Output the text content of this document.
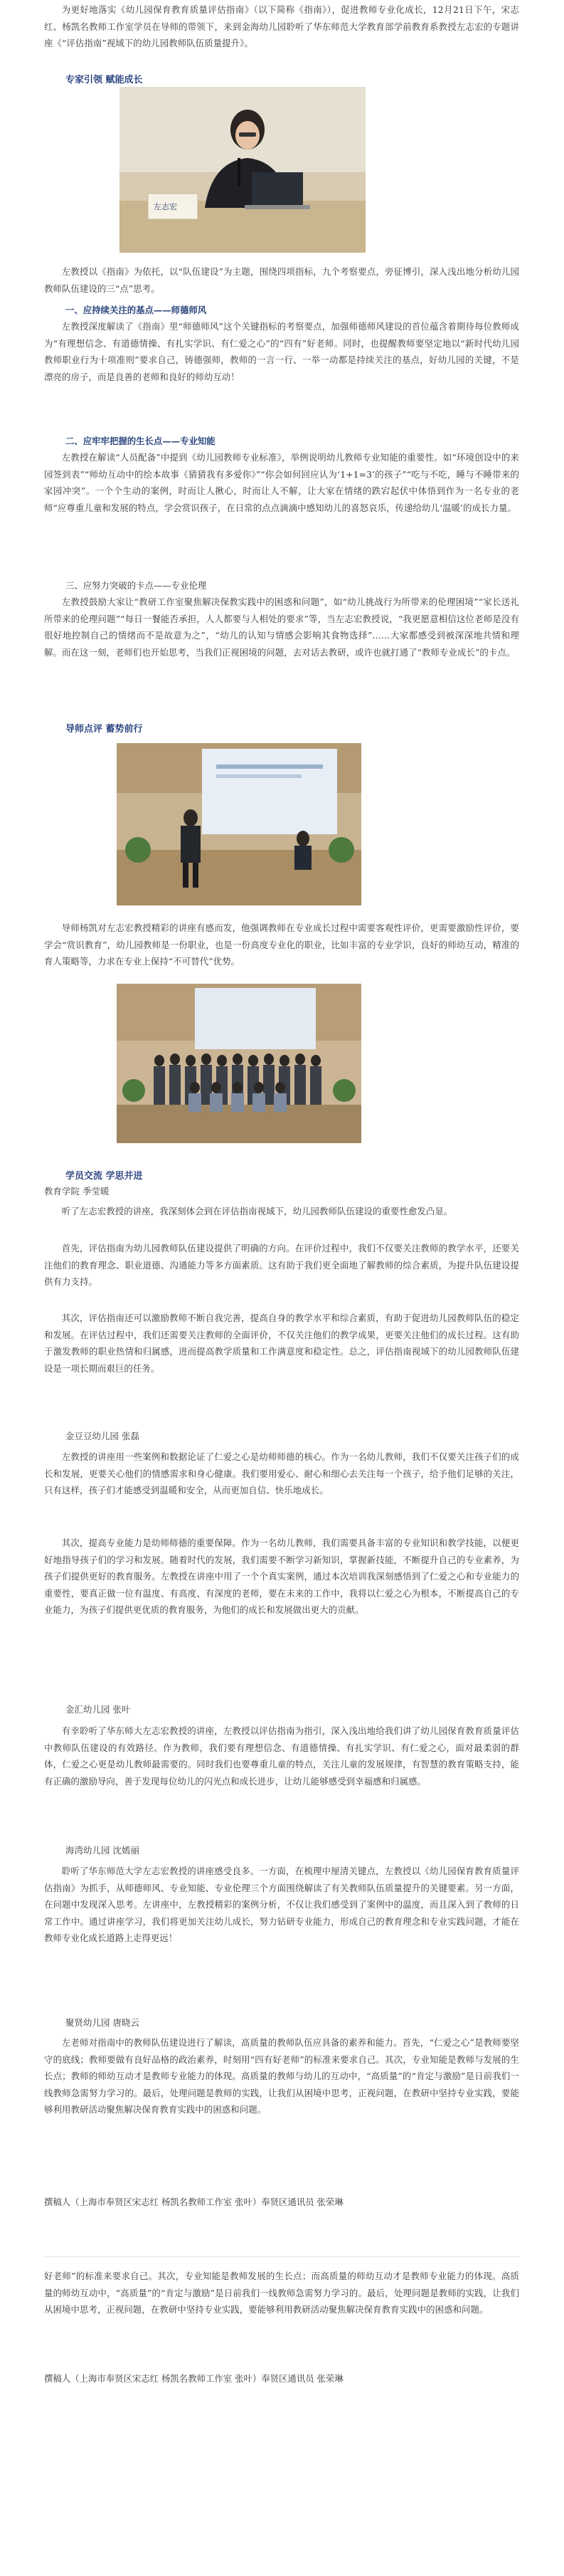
为更好地落实《幼儿园保育教育质量评估指南》（以下简称《指南》），促进教师专业化成长，12月21日下午，宋志红、杨凯名教师工作室学员在导师的带领下，来到金海幼儿园聆听了华东师范大学教育部学前教育系教授左志宏的专题讲座《“评估指南”视域下的幼儿园教师队伍质量提升》。

专家引领 赋能成长

左志宏

左教授以《指南》为依托，以“队伍建设”为主题，围绕四项指标，九个考察要点，旁征博引，深入浅出地分析幼儿园教师队伍建设的三“点”思考。

一、应持续关注的基点——师德师风

左教授深度解读了《指南》里“师德师风”这个关键指标的考察要点，加强师德师风建设的首位蕴含着期待每位教师成为“有理想信念、有道德情操、有扎实学识、有仁爱之心”的“四有”好老师。同时，也提醒教师要坚定地以“新时代幼儿园教师职业行为十项准则”要求自己，铸德强师，教师的一言一行、一举一动都是持续关注的基点，好幼儿园的关键，不是漂亮的房子，而是良善的老师和良好的师幼互动！

二、应牢牢把握的生长点——专业知能

左教授在解读“人员配备”中提到《幼儿园教师专业标准》，举例说明幼儿教师专业知能的重要性。如“环境创设中的来园签到表”“师幼互动中的绘本故事《猜猜我有多爱你》”“你会如何回应认为‘1+1=3’的孩子”“吃与不吃，睡与不睡带来的家园冲突”。一个个生动的案例，时而让人揪心，时而让人不解，让大家在情绪的跌宕起伏中体悟到作为一名专业的老师“应尊重儿童和发展的特点，学会赏识孩子，在日常的点点滴滴中感知幼儿的喜怒哀乐，传递给幼儿‘温暖’的成长力量。

三、应努力突破的卡点——专业伦理

左教授鼓励大家让“教研工作室聚焦解决保教实践中的困惑和问题”，如“幼儿挑战行为所带来的伦理困境”“家长送礼所带来的伦理问题”“每日一餐能否承担，人人都要与人相处的要求”等，当左志宏教授说，“我更愿意相信这位老师是没有很好地控制自己的情绪而不是故意为之”，“幼儿的认知与情感会影响其食物选择”……大家都感受到被深深地共情和理解。而在这一刻，老师们也开始思考，当我们正视困境的问题，去对话去教研，或许也就打通了“教师专业成长”的卡点。

导师点评 蓄势前行

导师杨凯对左志宏教授精彩的讲座有感而发，他强调教师在专业成长过程中需要客观性评价，更需要激励性评价，要学会“赏识教育”，幼儿园教师是一份职业，也是一份高度专业化的职业，比如丰富的专业学识，良好的师幼互动，精准的育人策略等，力求在专业上保持“不可替代”优势。

学员交流 学思并进

教育学院 季莹暖

听了左志宏教授的讲座，我深刻体会到在评估指南视域下，幼儿园教师队伍建设的重要性愈发凸显。

首先，评估指南为幼儿园教师队伍建设提供了明确的方向。在评价过程中，我们不仅要关注教师的教学水平，还要关注他们的教育理念、职业道德、沟通能力等多方面素质。这有助于我们更全面地了解教师的综合素质，为提升队伍建设提供有力支持。

其次，评估指南还可以激励教师不断自我完善，提高自身的教学水平和综合素质，有助于促进幼儿园教师队伍的稳定和发展。在评估过程中，我们还需要关注教师的全面评价，不仅关注他们的教学成果，更要关注他们的成长过程。这有助于激发教师的职业热情和归属感，进而提高教学质量和工作满意度和稳定性。总之，评估指南视域下的幼儿园教师队伍建设是一项长期而艰巨的任务。

金豆豆幼儿园 张磊

左教授的讲座用一些案例和数据论证了仁爱之心是幼师师德的核心。作为一名幼儿教师，我们不仅要关注孩子们的成长和发展，更要关心他们的情感需求和身心健康。我们要用爱心、耐心和细心去关注每一个孩子，给予他们足够的关注，只有这样，孩子们才能感受到温暖和安全，从而更加自信、快乐地成长。

其次，提高专业能力是幼师师德的重要保障。作为一名幼儿教师，我们需要具备丰富的专业知识和教学技能，以便更好地指导孩子们的学习和发展。随着时代的发展，我们需要不断学习新知识，掌握新技能，不断提升自己的专业素养，为孩子们提供更好的教育服务。左教授在讲座中用了一个个真实案例，通过本次培训我深刻感悟到了仁爱之心和专业能力的重要性，要真正做一位有温度、有高度、有深度的老师，要在未来的工作中，我将以仁爱之心为根本，不断提高自己的专业能力，为孩子们提供更优质的教育服务，为他们的成长和发展做出更大的贡献。

金汇幼儿园 张叶

有幸聆听了华东师大左志宏教授的讲座，左教授以评估指南为指引，深入浅出地给我们讲了幼儿园保育教育质量评估中教师队伍建设的有效路径。作为教师，我们要有理想信念、有道德情操、有扎实学识、有仁爱之心，面对最柔弱的群体，仁爱之心更是幼儿教师最需要的。同时我们也要尊重儿童的特点，关注儿童的发展规律，有智慧的教育策略支持，能有正确的激励导向，善于发现每位幼儿的闪光点和成长进步，让幼儿能够感受到幸福感和归属感。

海湾幼儿园 沈嫣丽

聆听了华东师范大学左志宏教授的讲座感受良多。一方面，在梳理中厘清关键点，左教授以《幼儿园保育教育质量评估指南》为抓手，从师德师风、专业知能、专业伦理三个方面围绕解读了有关教师队伍质量提升的关键要素。另一方面，在问题中发现深入思考。左讲座中，左教授精彩的案例分析，不仅让我们感受到了案例中的温度，而且深入到了教师的日常工作中。通过讲座学习，我们将更加关注幼儿成长，努力钻研专业能力，形成自己的教育理念和专业实践问题，才能在教师专业化成长道路上走得更远！

聚贤幼儿园 唐晓云

左老师对指南中的教师队伍建设进行了解读，高质量的教师队伍应具备的素养和能力。首先，“仁爱之心”是教师要坚守的底线；教师要做有良好品格的政治素养，时刻用“四有好老师”的标准来要求自己。其次，专业知能是教师与发展的生长点；教师的师幼互动才是教师专业能力的体现。高质量的教师与幼儿的互动中，“高质量”的“肯定与激励”是日前我们一线教师急需努力学习的。最后，处理问题是教师的实践，让我们从困境中思考，正视问题，在教研中坚持专业实践，要能够利用教研活动聚焦解决保育教育实践中的困惑和问题。

撰稿人（上海市奉贤区宋志红 杨凯名教师工作室 张叶）奉贤区通讯员 张荣琳

好老师”的标准来要求自己。其次，专业知能是教师发展的生长点；而高质量的师幼互动才是教师专业能力的体现。高质量的师幼互动中，“高质量”的“肯定与激励”是日前我们一线教师急需努力学习的。最后，处理问题是教师的实践，让我们从困境中思考，正视问题，在教研中坚持专业实践，要能够利用教研活动聚焦解决保育教育实践中的困惑和问题。

撰稿人（上海市奉贤区宋志红 杨凯名教师工作室 张叶）奉贤区通讯员 张荣琳
